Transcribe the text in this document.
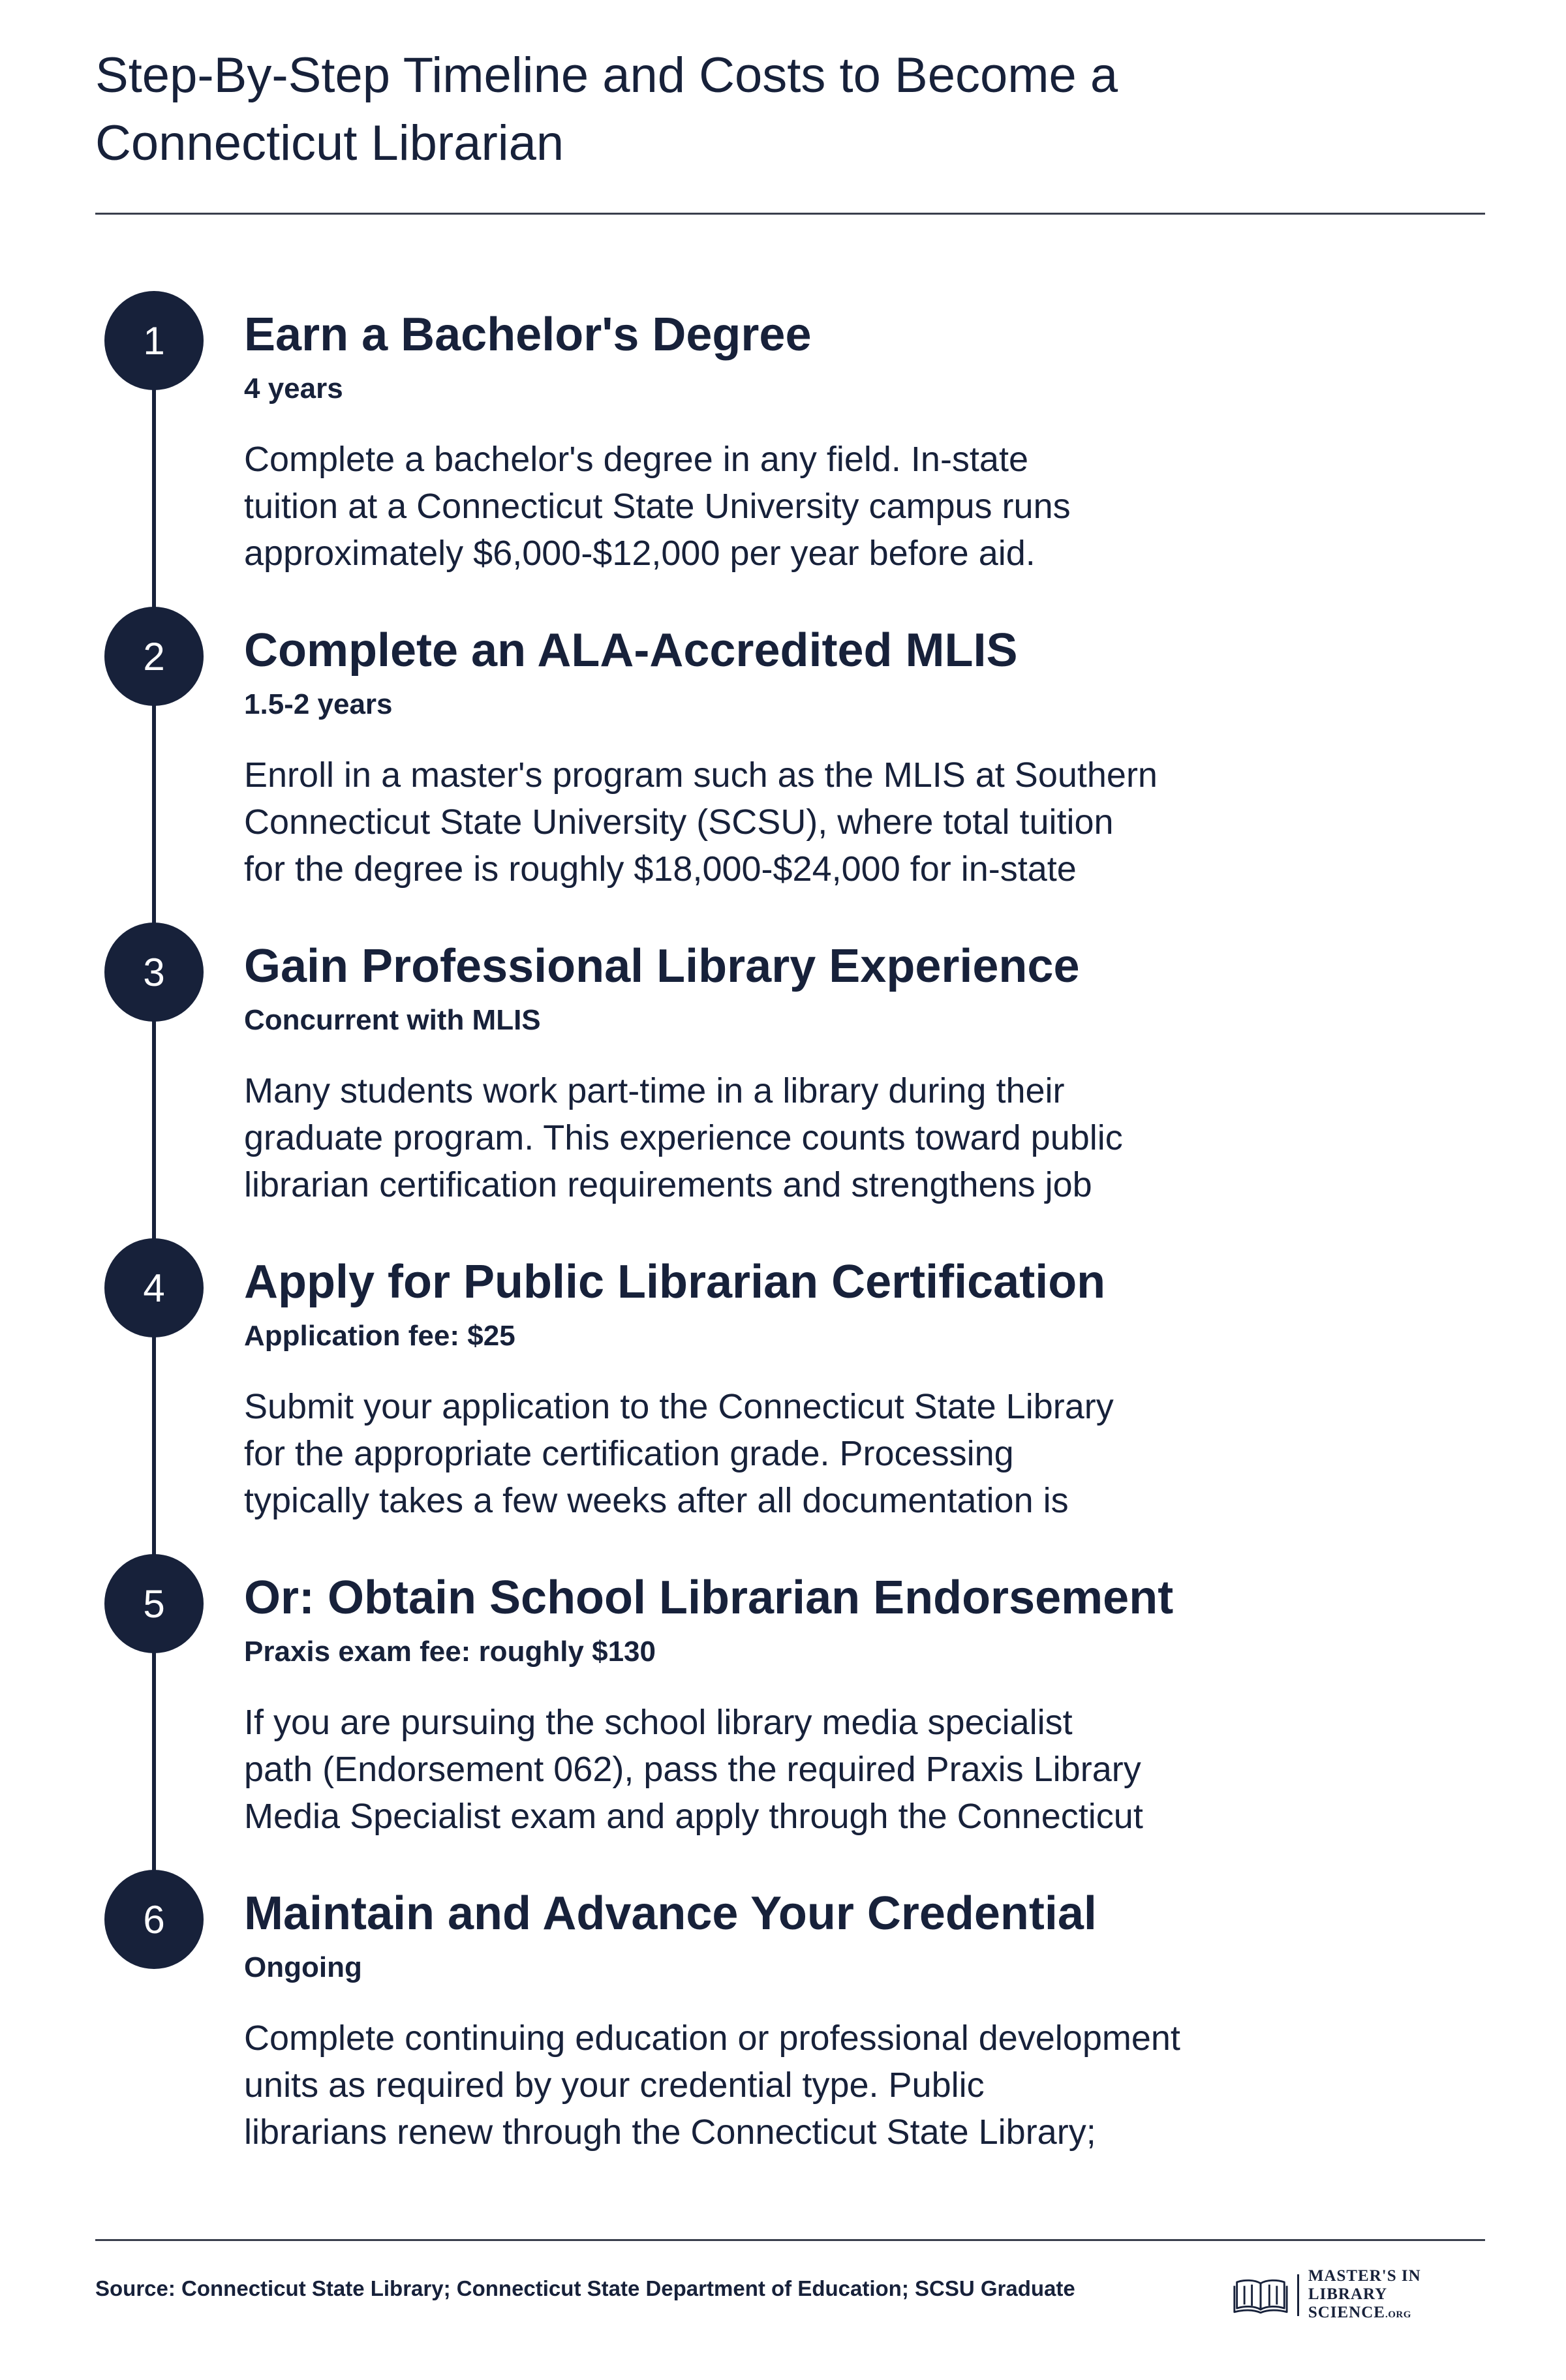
Step-By-Step Timeline and Costs to Become a
Connecticut Librarian
1	Earn a Bachelor's Degree
4 years
Complete a bachelor's degree in any field. In-state
tuition at a Connecticut State University campus runs
approximately $6,000-$12,000 per year before aid.
2	Complete an ALA-Accredited MLIS
1.5-2 years
Enroll in a master's program such as the MLIS at Southern
Connecticut State University (SCSU), where total tuition
for the degree is roughly $18,000-$24,000 for in-state
3	Gain Professional Library Experience
Concurrent with MLIS
Many students work part-time in a library during their
graduate program. This experience counts toward public
librarian certification requirements and strengthens job
4	Apply for Public Librarian Certification
Application fee: $25
Submit your application to the Connecticut State Library
for the appropriate certification grade. Processing
typically takes a few weeks after all documentation is
5	Or: Obtain School Librarian Endorsement
Praxis exam fee: roughly $130
If you are pursuing the school library media specialist
path (Endorsement 062), pass the required Praxis Library
Media Specialist exam and apply through the Connecticut
6	Maintain and Advance Your Credential
Ongoing
Complete continuing education or professional development
units as required by your credential type. Public
librarians renew through the Connecticut State Library;
Source: Connecticut State Library; Connecticut State Department of Education; SCSU Graduate
MASTER'S IN
LIBRARY SCIENCE.ORG
